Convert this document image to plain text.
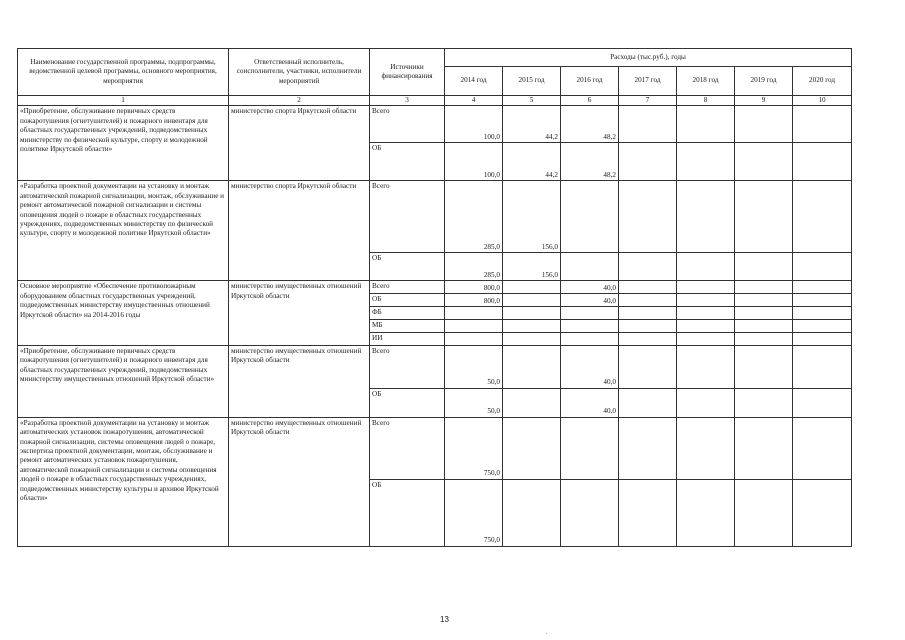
Наименование государственной программы, подпрограммы, ведомственной целевой программы, основного мероприятия, мероприятия	Ответственный исполнитель, соисполнители, участники, исполнители мероприятий	Источники финансирования	Расходы (тыс.руб.), годы						
			2014 год	2015 год	2016 год	2017 год	2018 год	2019 год	2020 год
1	2	3	4	5	6	7	8	9	10
«Приобретение, обслуживание первичных средств пожаротушения (огнетушителей) и пожарного инвентаря для областных государственных учреждений, подведомственных министерству по физической культуре, спорту и молодежной политике Иркутской области»	министерство спорта Иркутской области	Всего	100,0	44,2	48,2				
		ОБ	100,0	44,2	48,2				
«Разработка проектной документации на установку и монтаж автоматической пожарной сигнализации, монтаж, обслуживание и ремонт автоматической пожарной сигнализации и системы оповещения людей о пожаре в областных государственных учреждениях, подведомственных министерству по физической культуре, спорту и молодежной политике Иркутской области»	министерство спорта Иркутской области	Всего	285,0	156,0					
		ОБ	285,0	156,0					
Основное мероприятие «Обеспечение противопожарным оборудованием областных государственных учреждений, подведомственных министерству имущественных отношений Иркутской области» на 2014-2016 годы	министерство имущественных отношений Иркутской области	Всего	800,0		40,0				
		ОБ	800,0		40,0				
		ФБ							
		МБ							
		ИИ							
«Приобретение, обслуживание первичных средств пожаротушения (огнетушителей) и пожарного инвентаря для областных государственных учреждений, подведомственных министерству имущественных отношений Иркутской области»	министерство имущественных отношений Иркутской области	Всего	50,0		40,0				
		ОБ	50,0		40,0				
«Разработка проектной документации на установку и монтаж автоматических установок пожаротушения, автоматической пожарной сигнализации, системы оповещения людей о пожаре, экспертиза проектной документации, монтаж, обслуживание и ремонт автоматических установок пожаротушения, автоматической пожарной сигнализации и системы оповещения людей о пожаре в областных государственных учреждениях, подведомственных министерству культуры и архивов Иркутской области»	министерство имущественных отношений Иркутской области	Всего	750,0						
		ОБ	750,0						
13
.
